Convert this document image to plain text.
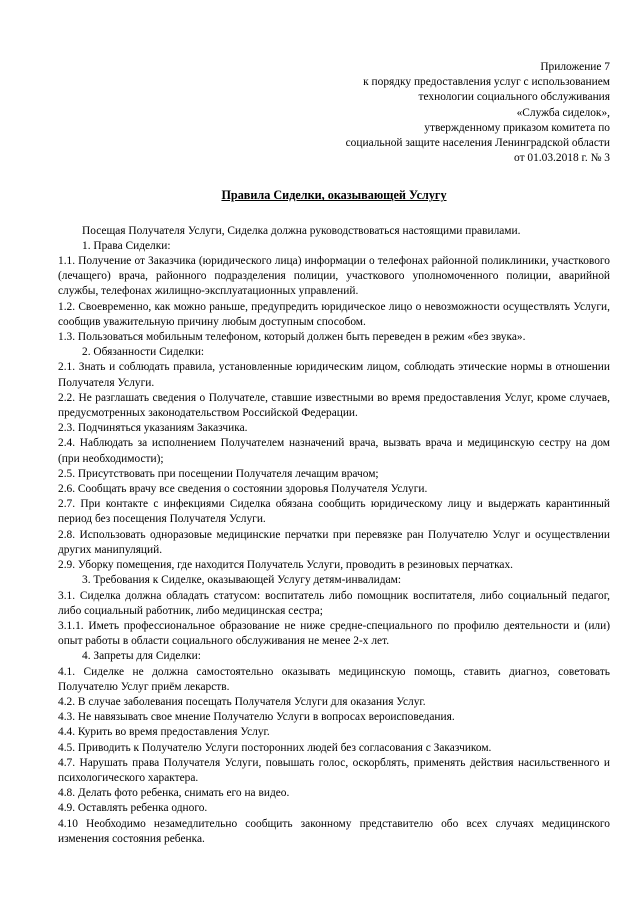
Приложение 7
к порядку предоставления услуг с использованием
технологии социального обслуживания
«Служба сиделок»,
утвержденному приказом комитета по
социальной защите населения Ленинградской области
от 01.03.2018 г. № 3
Правила Сиделки, оказывающей Услугу
Посещая Получателя Услуги, Сиделка должна руководствоваться настоящими правилами.
1. Права Сиделки:
1.1. Получение от Заказчика (юридического лица) информации о телефонах районной поликлиники, участкового (лечащего) врача, районного подразделения полиции, участкового уполномоченного полиции, аварийной службы, телефонах жилищно-эксплуатационных управлений.
1.2. Своевременно, как можно раньше, предупредить юридическое лицо о невозможности осуществлять Услуги, сообщив уважительную причину любым доступным способом.
1.3. Пользоваться мобильным телефоном, который должен быть переведен в режим «без звука».
2. Обязанности Сиделки:
2.1. Знать и соблюдать правила, установленные юридическим лицом, соблюдать этические нормы в отношении Получателя Услуги.
2.2. Не разглашать сведения о Получателе, ставшие известными во время предоставления Услуг, кроме случаев, предусмотренных законодательством Российской Федерации.
2.3. Подчиняться указаниям Заказчика.
2.4. Наблюдать за исполнением Получателем назначений врача, вызвать врача и медицинскую сестру на дом (при необходимости);
2.5. Присутствовать при посещении Получателя лечащим врачом;
2.6. Сообщать врачу все сведения о состоянии здоровья Получателя Услуги.
2.7. При контакте с инфекциями Сиделка обязана сообщить юридическому лицу и выдержать карантинный период без посещения Получателя Услуги.
2.8. Использовать одноразовые медицинские перчатки при перевязке ран Получателю Услуг и осуществлении других манипуляций.
2.9. Уборку помещения, где находится Получатель Услуги, проводить в резиновых перчатках.
3. Требования к Сиделке, оказывающей Услугу детям-инвалидам:
3.1. Сиделка должна обладать статусом: воспитатель либо помощник воспитателя, либо социальный педагог, либо социальный работник, либо медицинская сестра;
3.1.1. Иметь профессиональное образование не ниже средне-специального по профилю деятельности и (или) опыт работы в области социального обслуживания не менее 2-х лет.
4. Запреты для Сиделки:
4.1. Сиделке не должна самостоятельно оказывать медицинскую помощь, ставить диагноз, советовать Получателю Услуг приём лекарств.
4.2. В случае заболевания посещать Получателя Услуги для оказания Услуг.
4.3. Не навязывать свое мнение Получателю Услуги в вопросах вероисповедания.
4.4. Курить во время предоставления Услуг.
4.5. Приводить к Получателю Услуги посторонних людей без согласования с Заказчиком.
4.7. Нарушать права Получателя Услуги, повышать голос, оскорблять, применять действия насильственного и психологического характера.
4.8. Делать фото ребенка, снимать его на видео.
4.9. Оставлять ребенка одного.
4.10 Необходимо незамедлительно сообщить законному представителю обо всех случаях медицинского изменения состояния ребенка.
